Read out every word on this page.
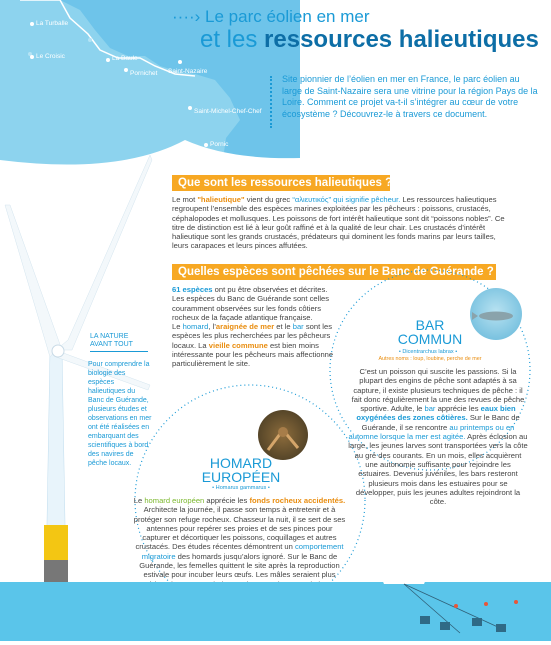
La Turballe
Le Croisic	La Baule
Pornichet Saint-Nazaire
Saint-Michel-Chef-Chef
Pornic
····› Le parc éolien en mer
et les ressources halieutiques
Site pionnier de l’éolien en mer en France, le parc éolien au large de Saint-Nazaire sera une vitrine pour la région Pays de la Loire. Comment ce projet va-t-il s’intégrer au cœur de votre écosystème ? Découvrez-le à travers ce document.
Que sont les ressources halieutiques ?
Le mot "halieutique" vient du grec “αλιευτικός” qui signifie pêcheur. Les ressources halieutiques regroupent l’ensemble des espèces marines exploitées par les pêcheurs : poissons, crustacés, céphalopodes et mollusques. Les poissons de fort intérêt halieutique sont dit “poissons nobles”. Ce titre de distinction est lié à leur goût raffiné et à la qualité de leur chair. Les crustacés d’intérêt halieutique sont les grands crustacés, prédateurs qui dominent les fonds marins par leurs tailles, leurs carapaces et leurs pinces affutées.
Quelles espèces sont pêchées sur le Banc de Guérande ?
61 espèces ont pu être observées et décrites. Les espèces du Banc de Guérande sont celles couramment observées sur les fonds côtiers rocheux de la façade atlantique française.
Le homard, l’araignée de mer et le bar sont les espèces les plus recherchées par les pêcheurs locaux. La vieille commune est bien moins intéressante pour les pêcheurs mais affectionne particulièrement le site.
LA NATURE AVANT TOUT
Pour comprendre la biologie des espèces halieutiques du Banc de Guérande, plusieurs études et observations en mer ont été réalisées en embarquant des scientifiques à bord des navires de pêche locaux.
BAR
COMMUN
• Dicentrarchus labrax •
Autres noms : loup, loubine, perche de mer
C’est un poisson qui suscite les passions. Si la plupart des engins de pêche sont adaptés à sa capture, il existe plusieurs techniques de pêche : il fait donc régulièrement la une des revues de pêche sportive. Adulte, le bar apprécie les eaux bien oxygénées des zones côtières. Sur le Banc de Guérande, il se rencontre au printemps ou en automne lorsque la mer est agitée. Après éclosion au large, les jeunes larves sont transportées vers la côte au gré des courants. En un mois, elles acquièrent une autonomie suffisante pour rejoindre les estuaires. Devenus juvéniles, les bars resteront plusieurs mois dans les estuaires pour se développer, puis les jeunes adultes rejoindront la côte.
HOMARD
EUROPÉEN
• Homarus gammarus •
Le homard européen apprécie les fonds rocheux accidentés. Architecte la journée, il passe son temps à entretenir et à protéger son refuge rocheux. Chasseur la nuit, il se sert de ses antennes pour repérer ses proies et de ses pinces pour capturer et décortiquer les poissons, coquillages et autres crustacés. Des études récentes démontrent un comportement migratoire des homards jusqu’alors ignoré. Sur le Banc de Guérande, les femelles quittent le site après la reproduction estivale pour incuber leurs œufs. Les mâles seraient plus
